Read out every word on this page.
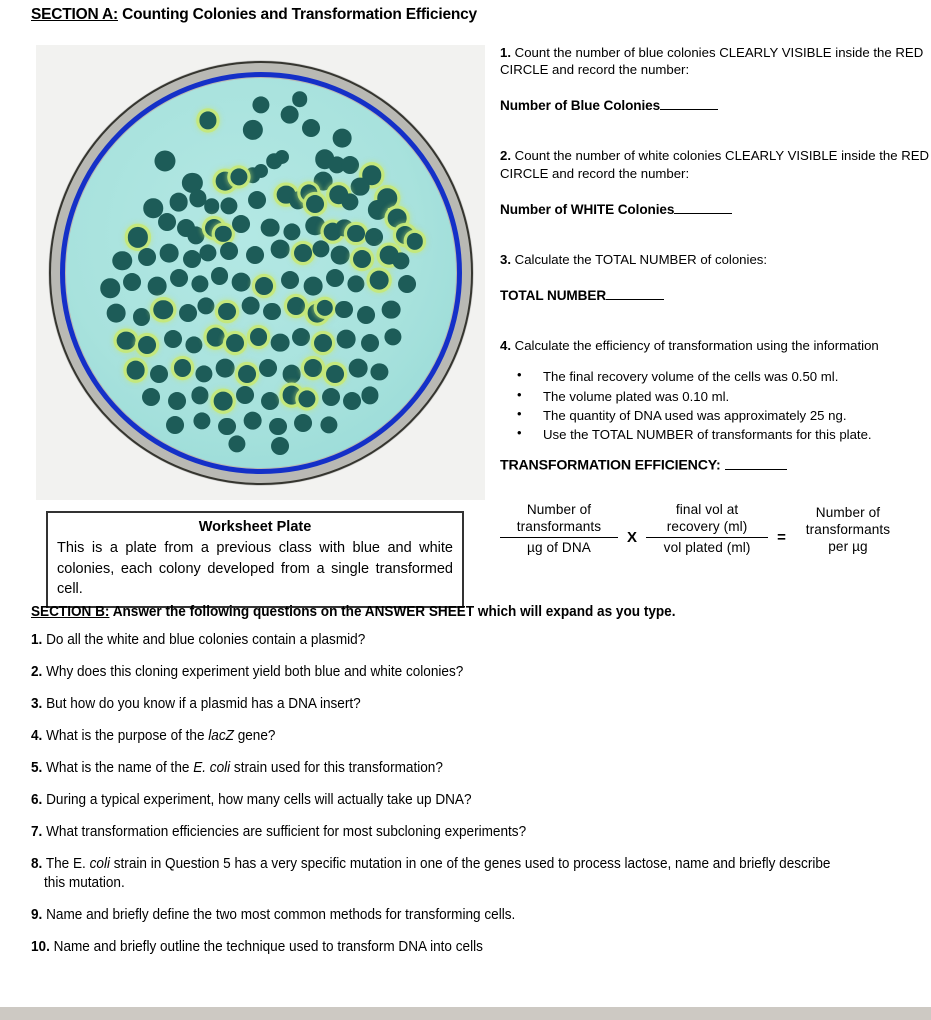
SECTION A: Counting Colonies and Transformation Efficiency
Worksheet Plate
This is a plate from a previous class with blue and white colonies, each colony developed from a single transformed cell.
1. Count the number of blue colonies CLEARLY VISIBLE inside the RED CIRCLE and record the number:
Number of Blue Colonies
2. Count the number of white colonies CLEARLY VISIBLE inside the RED CIRCLE and record the number:
Number of WHITE Colonies
3. Calculate the TOTAL NUMBER of colonies:
TOTAL NUMBER
4. Calculate the efficiency of transformation using the information
• The final recovery volume of the cells was 0.50 ml.
• The volume plated was 0.10 ml.
• The quantity of DNA used was approximately 25 ng.
• Use the TOTAL NUMBER of transformants for this plate.
TRANSFORMATION EFFICIENCY:
Number of
transformants
µg of DNA X final vol at
recovery (ml)
vol plated (ml) =
Number of
transformants
per µg
SECTION B: Answer the following questions on the ANSWER SHEET which will expand as you type.
1. Do all the white and blue colonies contain a plasmid?
2. Why does this cloning experiment yield both blue and white colonies?
3. But how do you know if a plasmid has a DNA insert?
4. What is the purpose of the lacZ gene?
5. What is the name of the E. coli strain used for this transformation?
6. During a typical experiment, how many cells will actually take up DNA?
7. What transformation efficiencies are sufficient for most subcloning experiments?
8. The E. coli strain in Question 5 has a very specific mutation in one of the genes used to process lactose, name and briefly describe
this mutation.
9. Name and briefly define the two most common methods for transforming cells.
10. Name and briefly outline the technique used to transform DNA into cells
